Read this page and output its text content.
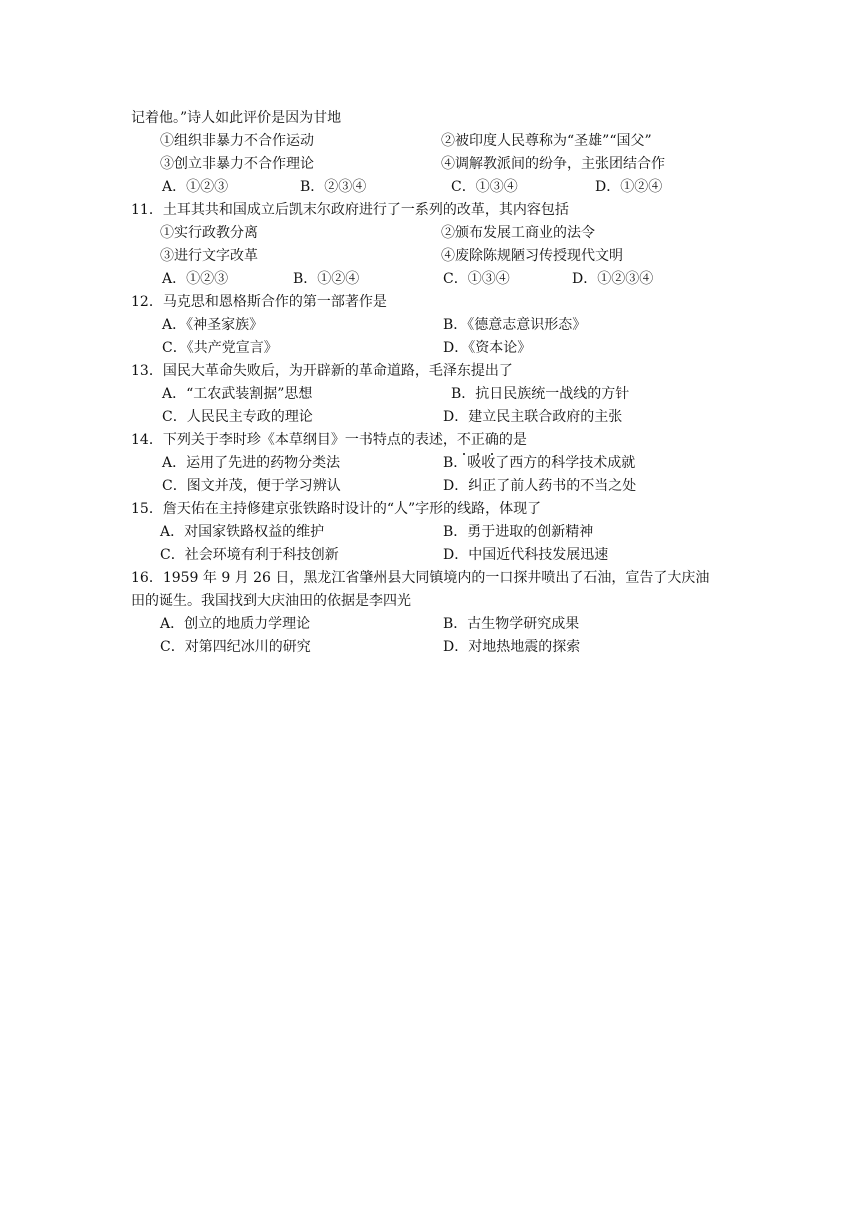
记着他。”诗人如此评价是因为甘地
①组织非暴力不合作运动	②被印度人民尊称为“圣雄”“国父”
③创立非暴力不合作理论	④调解教派间的纷争，主张团结合作
A．①②③	B．②③④	C．①③④	D．①②④
11．土耳其共和国成立后凯末尔政府进行了一系列的改革，其内容包括
①实行政教分离	②颁布发展工商业的法令
③进行文字改革	④废除陈规陋习传授现代文明
A．①②③	B．①②④	C．①③④	D．①②③④
12．马克思和恩格斯合作的第一部著作是
A．《神圣家族》	B．《德意志意识形态》
C．《共产党宣言》	D．《资本论》
13．国民大革命失败后，为开辟新的革命道路，毛泽东提出了
A．“工农武装割据”思想	B．抗日民族统一战线的方针
C．人民民主专政的理论	D．建立民主联合政府的主张
14．下列关于李时珍《本草纲目》一书特点的表述，不正确的是
A．运用了先进的药物分类法	B．吸收了西方的科学技术成就
C．图文并茂，便于学习辨认	D．纠正了前人药书的不当之处
15．詹天佑在主持修建京张铁路时设计的“人”字形的线路，体现了
A．对国家铁路权益的维护	B．勇于进取的创新精神
C．社会环境有利于科技创新	D．中国近代科技发展迅速
16．1959 年 9 月 26 日，黑龙江省肇州县大同镇境内的一口探井喷出了石油，宣告了大庆油
田的诞生。我国找到大庆油田的依据是李四光
A．创立的地质力学理论	B．古生物学研究成果
C．对第四纪冰川的研究	D．对地热地震的探索
